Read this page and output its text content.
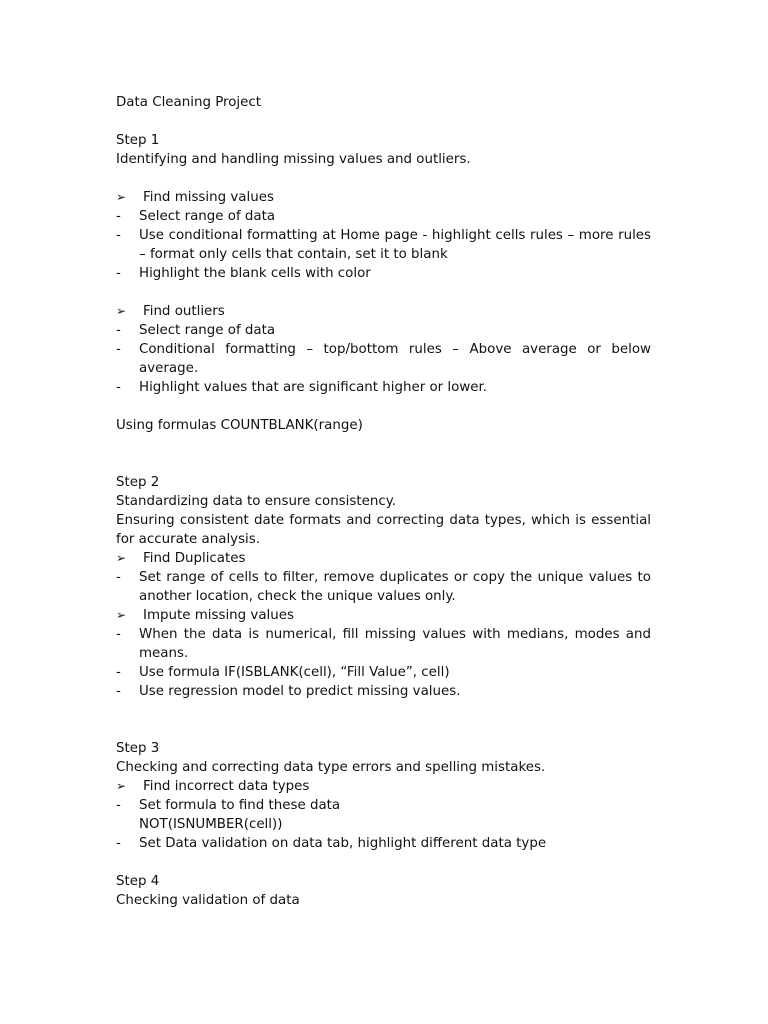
Data Cleaning Project
Step 1
Identifying and handling missing values and outliers.
➢	Find missing values
-	Select range of data
-	Use conditional formatting at Home page - highlight cells rules – more rules – format only cells that contain, set it to blank
-	Highlight the blank cells with color
➢	Find outliers
-	Select range of data
-	Conditional formatting – top/bottom rules – Above average or below average.
-	Highlight values that are significant higher or lower.
Using formulas COUNTBLANK(range)
Step 2
Standardizing data to ensure consistency.
Ensuring consistent date formats and correcting data types, which is essential for accurate analysis.
➢	Find Duplicates
-	Set range of cells to filter, remove duplicates or copy the unique values to another location, check the unique values only.
➢	Impute missing values
-	When the data is numerical, fill missing values with medians, modes and means.
-	Use formula IF(ISBLANK(cell), “Fill Value”, cell)
-	Use regression model to predict missing values.
Step 3
Checking and correcting data type errors and spelling mistakes.
➢	Find incorrect data types
-	Set formula to find these data
NOT(ISNUMBER(cell))
-	Set Data validation on data tab, highlight different data type
Step 4
Checking validation of data
